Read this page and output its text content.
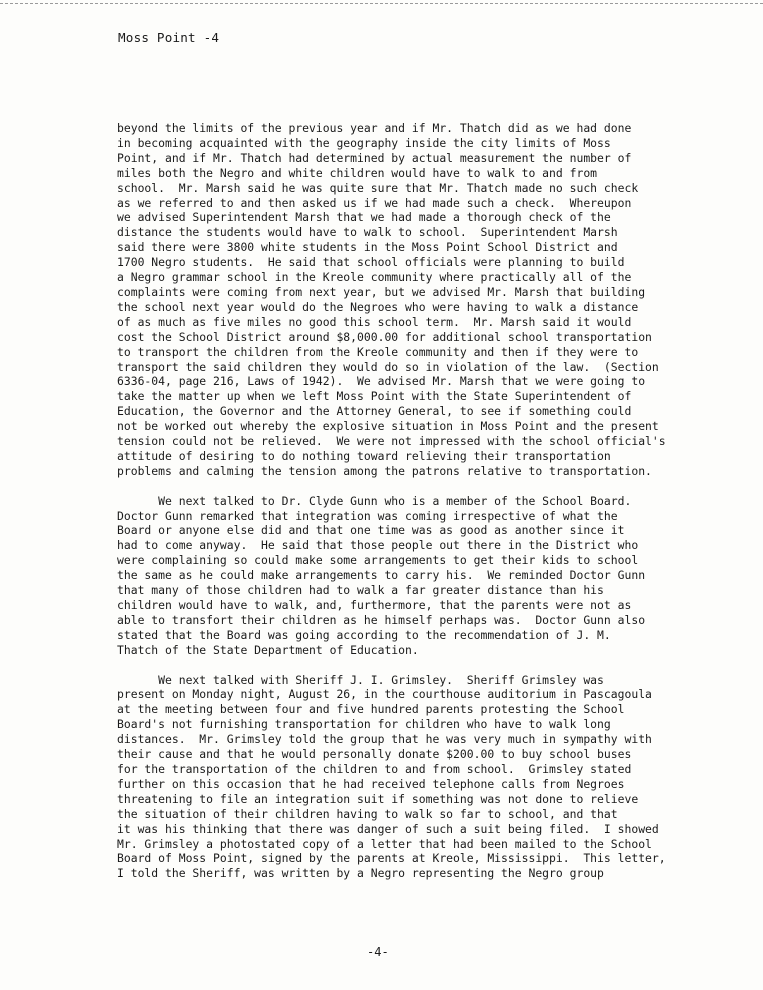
Moss Point -4
beyond the limits of the previous year and if Mr. Thatch did as we had done
in becoming acquainted with the geography inside the city limits of Moss
Point, and if Mr. Thatch had determined by actual measurement the number of
miles both the Negro and white children would have to walk to and from
school.  Mr. Marsh said he was quite sure that Mr. Thatch made no such check
as we referred to and then asked us if we had made such a check.  Whereupon
we advised Superintendent Marsh that we had made a thorough check of the
distance the students would have to walk to school.  Superintendent Marsh
said there were 3800 white students in the Moss Point School District and
1700 Negro students.  He said that school officials were planning to build
a Negro grammar school in the Kreole community where practically all of the
complaints were coming from next year, but we advised Mr. Marsh that building
the school next year would do the Negroes who were having to walk a distance
of as much as five miles no good this school term.  Mr. Marsh said it would
cost the School District around $8,000.00 for additional school transportation
to transport the children from the Kreole community and then if they were to
transport the said children they would do so in violation of the law.  (Section
6336-04, page 216, Laws of 1942).  We advised Mr. Marsh that we were going to
take the matter up when we left Moss Point with the State Superintendent of
Education, the Governor and the Attorney General, to see if something could
not be worked out whereby the explosive situation in Moss Point and the present
tension could not be relieved.  We were not impressed with the school official's
attitude of desiring to do nothing toward relieving their transportation
problems and calming the tension among the patrons relative to transportation.
We next talked to Dr. Clyde Gunn who is a member of the School Board.
Doctor Gunn remarked that integration was coming irrespective of what the
Board or anyone else did and that one time was as good as another since it
had to come anyway.  He said that those people out there in the District who
were complaining so could make some arrangements to get their kids to school
the same as he could make arrangements to carry his.  We reminded Doctor Gunn
that many of those children had to walk a far greater distance than his
children would have to walk, and, furthermore, that the parents were not as
able to transfort their children as he himself perhaps was.  Doctor Gunn also
stated that the Board was going according to the recommendation of J. M.
Thatch of the State Department of Education.
We next talked with Sheriff J. I. Grimsley.  Sheriff Grimsley was
present on Monday night, August 26, in the courthouse auditorium in Pascagoula
at the meeting between four and five hundred parents protesting the School
Board's not furnishing transportation for children who have to walk long
distances.  Mr. Grimsley told the group that he was very much in sympathy with
their cause and that he would personally donate $200.00 to buy school buses
for the transportation of the children to and from school.  Grimsley stated
further on this occasion that he had received telephone calls from Negroes
threatening to file an integration suit if something was not done to relieve
the situation of their children having to walk so far to school, and that
it was his thinking that there was danger of such a suit being filed.  I showed
Mr. Grimsley a photostated copy of a letter that had been mailed to the School
Board of Moss Point, signed by the parents at Kreole, Mississippi.  This letter,
I told the Sheriff, was written by a Negro representing the Negro group
-4-
